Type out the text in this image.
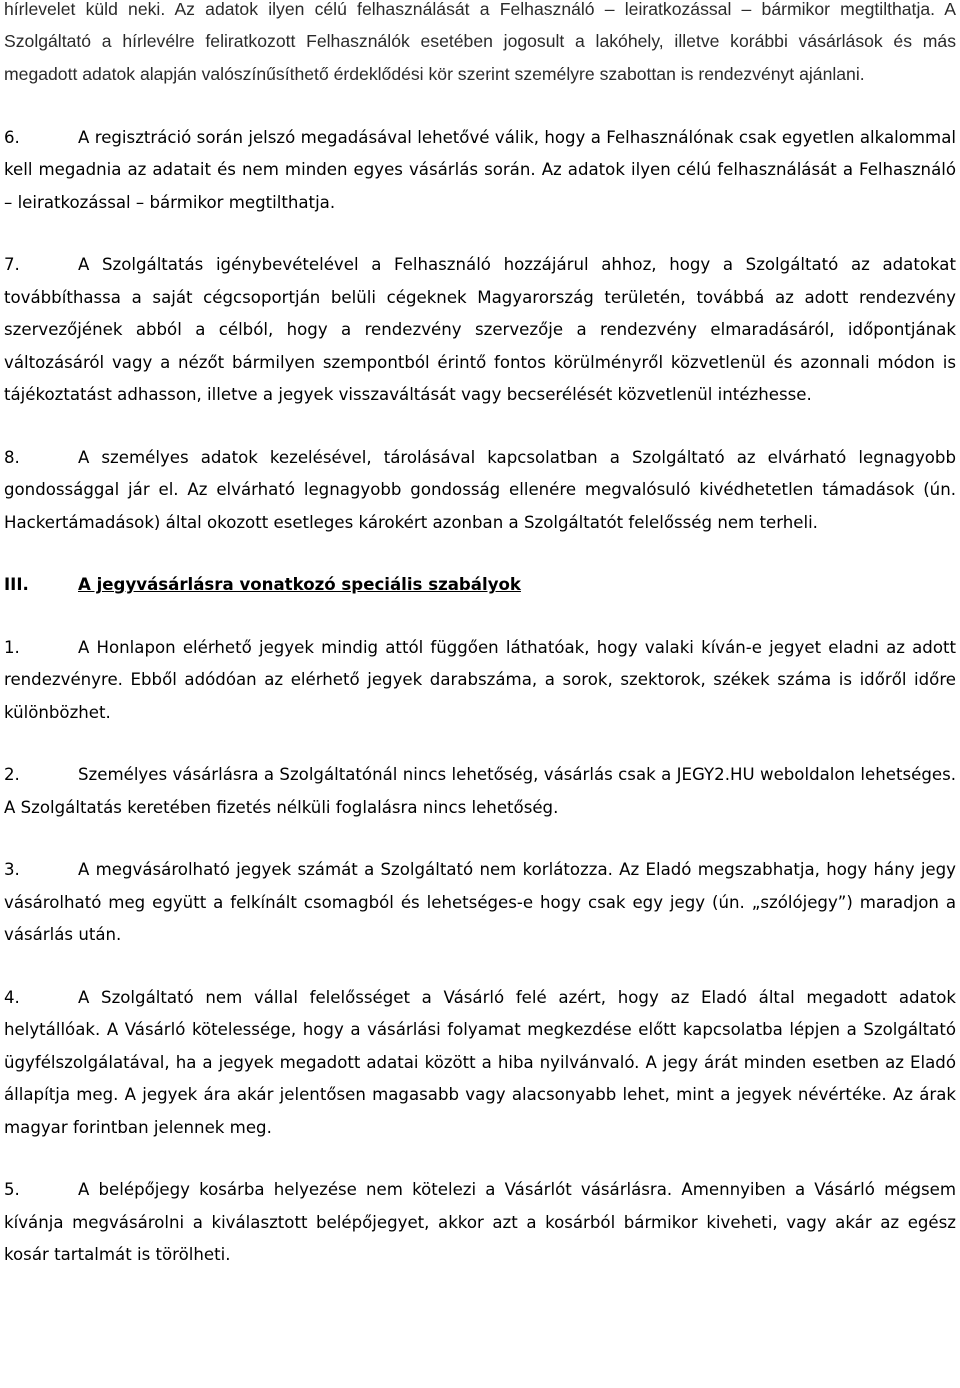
hírlevelet küld neki. Az adatok ilyen célú felhasználását a Felhasználó – leiratkozással – bármikor megtilthatja. A Szolgáltató a hírlevélre feliratkozott Felhasználók esetében jogosult a lakóhely, illetve korábbi vásárlások és más megadott adatok alapján valószínűsíthető érdeklődési kör szerint személyre szabottan is rendezvényt ajánlani.

6.	A regisztráció során jelszó megadásával lehetővé válik, hogy a Felhasználónak csak egyetlen alkalommal kell megadnia az adatait és nem minden egyes vásárlás során. Az adatok ilyen célú felhasználását a Felhasználó – leiratkozással – bármikor megtilthatja.

7.	A Szolgáltatás igénybevételével a Felhasználó hozzájárul ahhoz, hogy a Szolgáltató az adatokat továbbíthassa a saját cégcsoportján belüli cégeknek Magyarország területén, továbbá az adott rendezvény szervezőjének abból a célból, hogy a rendezvény szervezője a rendezvény elmaradásáról, időpontjának változásáról vagy a nézőt bármilyen szempontból érintő fontos körülményről közvetlenül és azonnali módon is tájékoztatást adhasson, illetve a jegyek visszaváltását vagy becserélését közvetlenül intézhesse.

8.	A személyes adatok kezelésével, tárolásával kapcsolatban a Szolgáltató az elvárható legnagyobb gondossággal jár el. Az elvárható legnagyobb gondosság ellenére megvalósuló kivédhetetlen támadások (ún. Hackertámadások) által okozott esetleges károkért azonban a Szolgáltatót felelősség nem terheli.

III.	A jegyvásárlásra vonatkozó speciális szabályok

1.	A Honlapon elérhető jegyek mindig attól függően láthatóak, hogy valaki kíván-e jegyet eladni az adott rendezvényre. Ebből adódóan az elérhető jegyek darabszáma, a sorok, szektorok, székek száma is időről időre különbözhet.

2.	Személyes vásárlásra a Szolgáltatónál nincs lehetőség, vásárlás csak a JEGY2.HU weboldalon lehetséges. A Szolgáltatás keretében fizetés nélküli foglalásra nincs lehetőség.

3.	A megvásárolható jegyek számát a Szolgáltató nem korlátozza. Az Eladó megszabhatja, hogy hány jegy vásárolható meg együtt a felkínált csomagból és lehetséges-e hogy csak egy jegy (ún. „szólójegy”) maradjon a vásárlás után.

4.	A Szolgáltató nem vállal felelősséget a Vásárló felé azért, hogy az Eladó által megadott adatok helytállóak. A Vásárló kötelessége, hogy a vásárlási folyamat megkezdése előtt kapcsolatba lépjen a Szolgáltató ügyfélszolgálatával, ha a jegyek megadott adatai között a hiba nyilvánvaló. A jegy árát minden esetben az Eladó állapítja meg. A jegyek ára akár jelentősen magasabb vagy alacsonyabb lehet, mint a jegyek névértéke. Az árak magyar forintban jelennek meg.

5.	A belépőjegy kosárba helyezése nem kötelezi a Vásárlót vásárlásra. Amennyiben a Vásárló mégsem kívánja megvásárolni a kiválasztott belépőjegyet, akkor azt a kosárból bármikor kiveheti, vagy akár az egész kosár tartalmát is törölheti.
